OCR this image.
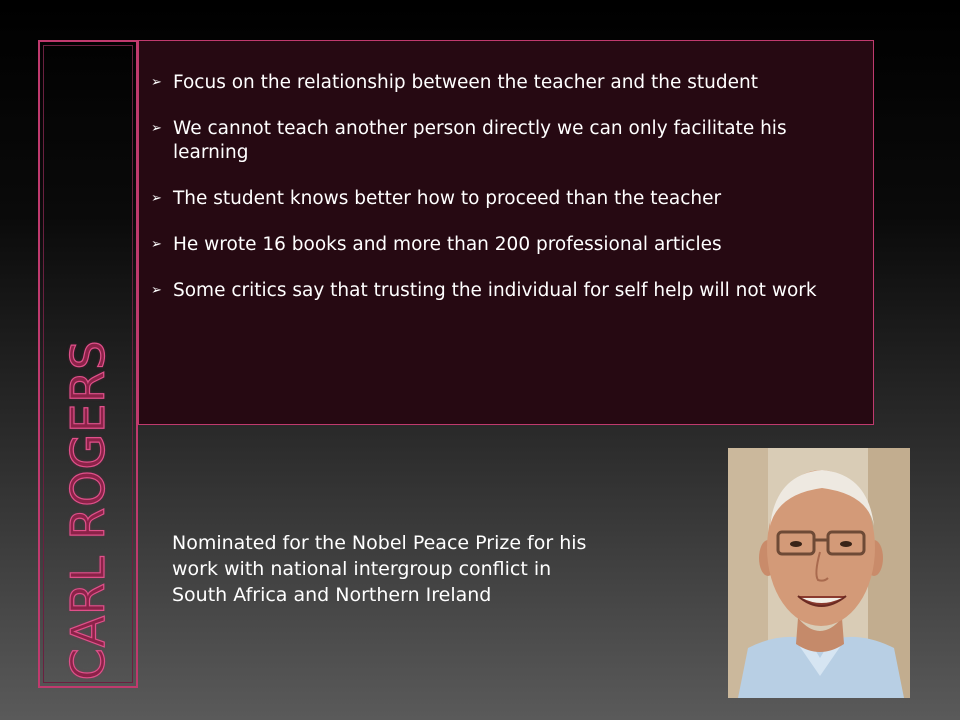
CARL ROGERS
➢ Focus on the relationship between the teacher and the student
➢ We cannot teach another person directly we can only facilitate his learning
➢ The student knows better how to proceed than the teacher
➢ He wrote 16 books and more than 200 professional articles
➢ Some critics say that trusting the individual for self help will not work
Nominated for the Nobel Peace Prize for his
work with national intergroup conflict in
South Africa and Northern Ireland
